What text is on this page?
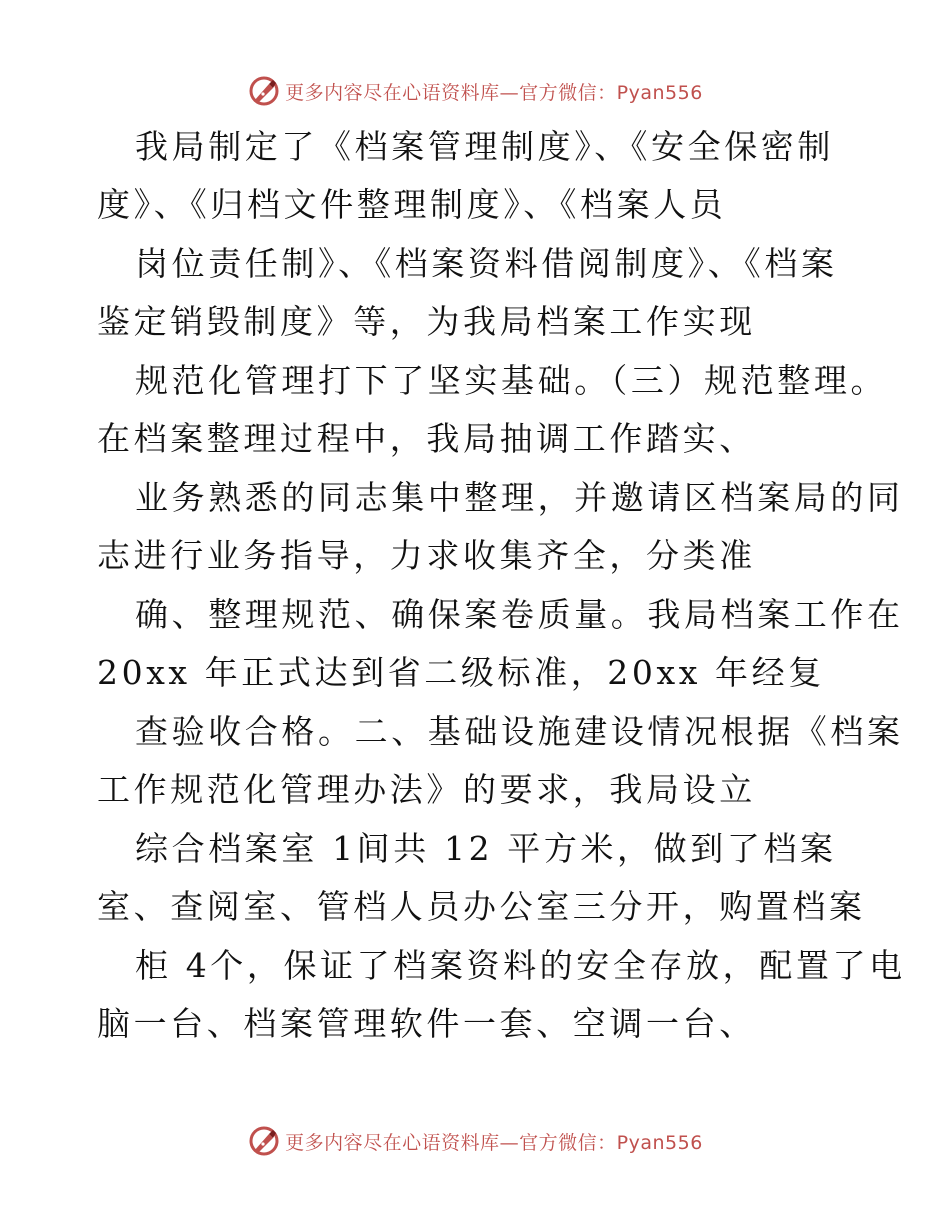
更多内容尽在心语资料库—官方微信：Pyan556
我局制定了《档案管理制度》、《安全保密制
度》、《归档文件整理制度》、《档案人员
岗位责任制》、《档案资料借阅制度》、《档案
鉴定销毁制度》等，为我局档案工作实现
规范化管理打下了坚实基础。（三）规范整理。
在档案整理过程中，我局抽调工作踏实、
业务熟悉的同志集中整理，并邀请区档案局的同
志进行业务指导，力求收集齐全，分类准
确、整理规范、确保案卷质量。我局档案工作在
20xx 年正式达到省二级标准，20xx 年经复
查验收合格。二、基础设施建设情况根据《档案
工作规范化管理办法》的要求，我局设立
综合档案室 1间共 12 平方米，做到了档案
室、查阅室、管档人员办公室三分开，购置档案
柜 4个，保证了档案资料的安全存放，配置了电
脑一台、档案管理软件一套、空调一台、
更多内容尽在心语资料库—官方微信：Pyan556
